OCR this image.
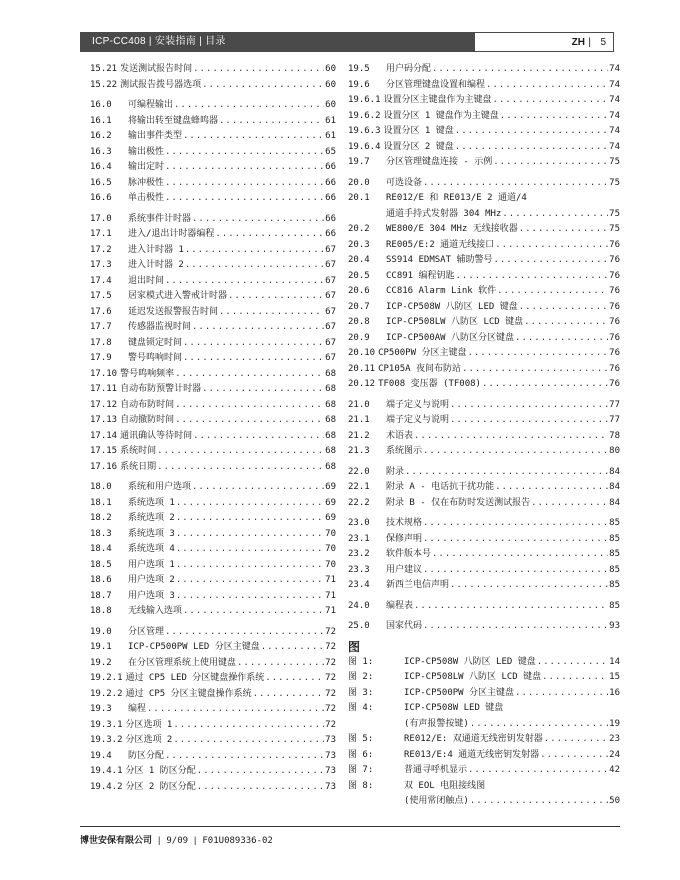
ICP-CC408 | 安装指南 | 目录	ZH | 5
15.21 发送测试报告时间 .....	60
15.22 测试报告拨号器选项 .....	60
16.0	可编程输出 .....	60
16.1	将输出转至键盘蜂鸣器 .....	61
16.2	输出事件类型 .....	61
16.3	输出极性 .....	65
16.4	输出定时 .....	66
16.5	脉冲极性 .....	66
16.6	单击极性 .....	66
17.0	系统事件计时器 .....	66
17.1	进入/退出计时器编程 .....	66
17.2	进入计时器 1 .....	67
17.3	进入计时器 2 .....	67
17.4	退出时间 .....	67
17.5	居家模式进入警戒计时器 .....	67
17.6	延迟发送报警报告时间 .....	67
17.7	传感器监视时间 .....	67
17.8	键盘锁定时间 .....	67
17.9	警号鸣响时间 .....	67
17.10 警号鸣响频率 .....	68
17.11 自动布防预警计时器 .....	68
17.12 自动布防时间 .....	68
17.13 自动撤防时间 .....	68
17.14 通讯确认等待时间 .....	68
17.15 系统时间 .....	68
17.16 系统日期 .....	68
18.0	系统和用户选项 .....	69
18.1	系统选项 1 .....	69
18.2	系统选项 2 .....	69
18.3	系统选项 3 .....	70
18.4	系统选项 4 .....	70
18.5	用户选项 1 .....	70
18.6	用户选项 2 .....	71
18.7	用户选项 3 .....	71
18.8	无线输入选项 .....	71
19.0	分区管理 .....	72
19.1	ICP-CP500PW LED 分区主键盘 .....	72
19.2	在分区管理系统上使用键盘 .....	72
19.2.1 通过 CP5 LED 分区键盘操作系统 .....	72
19.2.2 通过 CP5 分区主键盘操作系统 .....	72
19.3	编程 .....	72
19.3.1 分区选项 1 .....	72
19.3.2 分区选项 2 .....	73
19.4	防区分配 .....	73
19.4.1 分区 1 防区分配 .....	73
19.4.2 分区 2 防区分配 .....	73
19.5	用户码分配 .....	74
19.6	分区管理键盘设置和编程 .....	74
19.6.1 设置分区主键盘作为主键盘 .....	74
19.6.2 设置分区 1 键盘作为主键盘 .....	74
19.6.3 设置分区 1 键盘 .....	74
19.6.4 设置分区 2 键盘 .....	74
19.7	分区管理键盘连接 - 示例 .....	75
20.0	可选设备 .....	75
20.1	RE012/E 和 RE013/E 2 通道/4
通道手持式发射器 304 MHz .....	75
20.2	WE800/E 304 MHz 无线接收器 .....	75
20.3	RE005/E:2 通道无线接口 .....	76
20.4	SS914 EDMSAT 辅助警号 .....	76
20.5	CC891 编程钥匙 .....	76
20.6	CC816 Alarm Link 软件 .....	76
20.7	ICP-CP508W 八防区 LED 键盘 .....	76
20.8	ICP-CP508LW 八防区 LCD 键盘 .....	76
20.9	ICP-CP500AW 八防区分区键盘 .....	76
20.10 CP500PW 分区主键盘 .....	76
20.11 CP105A 夜间布防站 .....	76
20.12 TF008 变压器 (TF008) .....	76
21.0	端子定义与说明 .....	77
21.1	端子定义与说明 .....	77
21.2	术语表 .....	78
21.3	系统图示 .....	80
22.0	附录 .....	84
22.1	附录 A - 电话抗干扰功能 .....	84
22.2	附录 B - 仅在布防时发送测试报告 .....	84
23.0	技术规格 .....	85
23.1	保修声明 .....	85
23.2	软件版本号 .....	85
23.3	用户建议 .....	85
23.4	新西兰电信声明 .....	85
24.0	编程表 .....	85
25.0	国家代码 .....	93
图
图 1:	ICP-CP508W 八防区 LED 键盘 .....	14
图 2:	ICP-CP508LW 八防区 LCD 键盘 .....	15
图 3:	ICP-CP500PW 分区主键盘 .....	16
图 4:	ICP-CP508W LED 键盘
(有声报警按键) .....	19
图 5:	RE012/E: 双通道无线密钥发射器 .....	23
图 6:	RE013/E:4 通道无线密钥发射器 .....	24
图 7:	普通寻呼机显示 .....	42
图 8:	双 EOL 电阻接线图
(使用常闭触点) .....	50
博世安保有限公司 | 9/09 | F01U089336-02
